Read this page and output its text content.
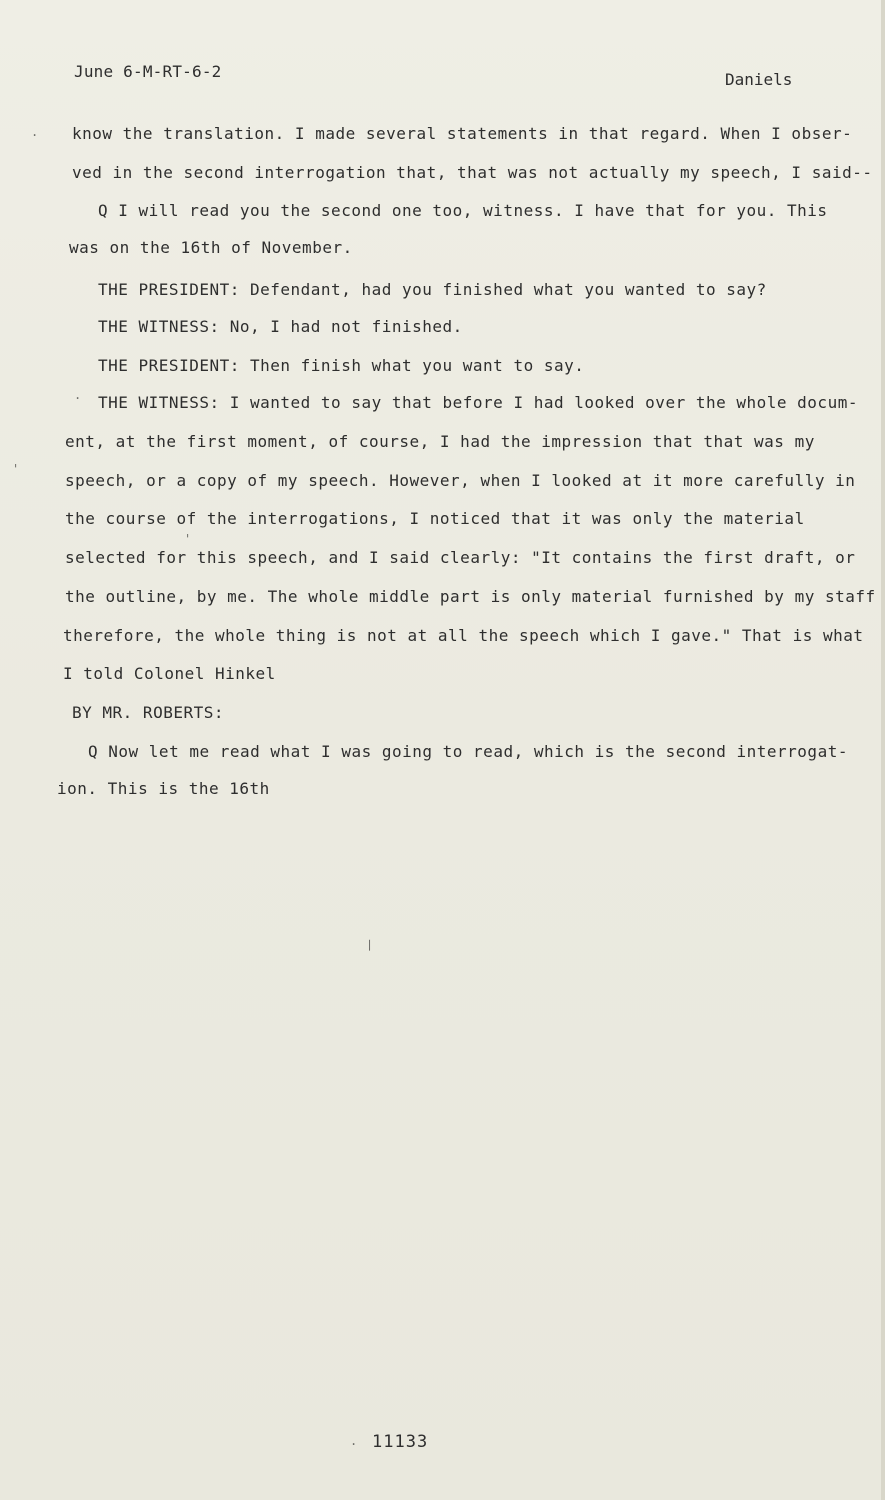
June 6-M-RT-6-2	Daniels
.
'
.
'
/
.
know the translation. I made several statements in that regard. When I obser-
ved in the second interrogation that, that was not actually my speech, I said--
Q I will read you the second one too, witness. I have that for you. This
was on the 16th of November.
THE PRESIDENT: Defendant, had you finished what you wanted to say?
THE WITNESS: No, I had not finished.
THE PRESIDENT: Then finish what you want to say.
THE WITNESS: I wanted to say that before I had looked over the whole docum-
ent, at the first moment, of course, I had the impression that that was my
speech, or a copy of my speech. However, when I looked at it more carefully in
the course of the interrogations, I noticed that it was only the material
selected for this speech, and I said clearly: "It contains the first draft, or
the outline, by me. The whole middle part is only material furnished by my staff
therefore, the whole thing is not at all the speech which I gave." That is what
I told Colonel Hinkel
BY MR. ROBERTS:
Q Now let me read what I was going to read, which is the second interrogat-
ion. This is the 16th
11133
